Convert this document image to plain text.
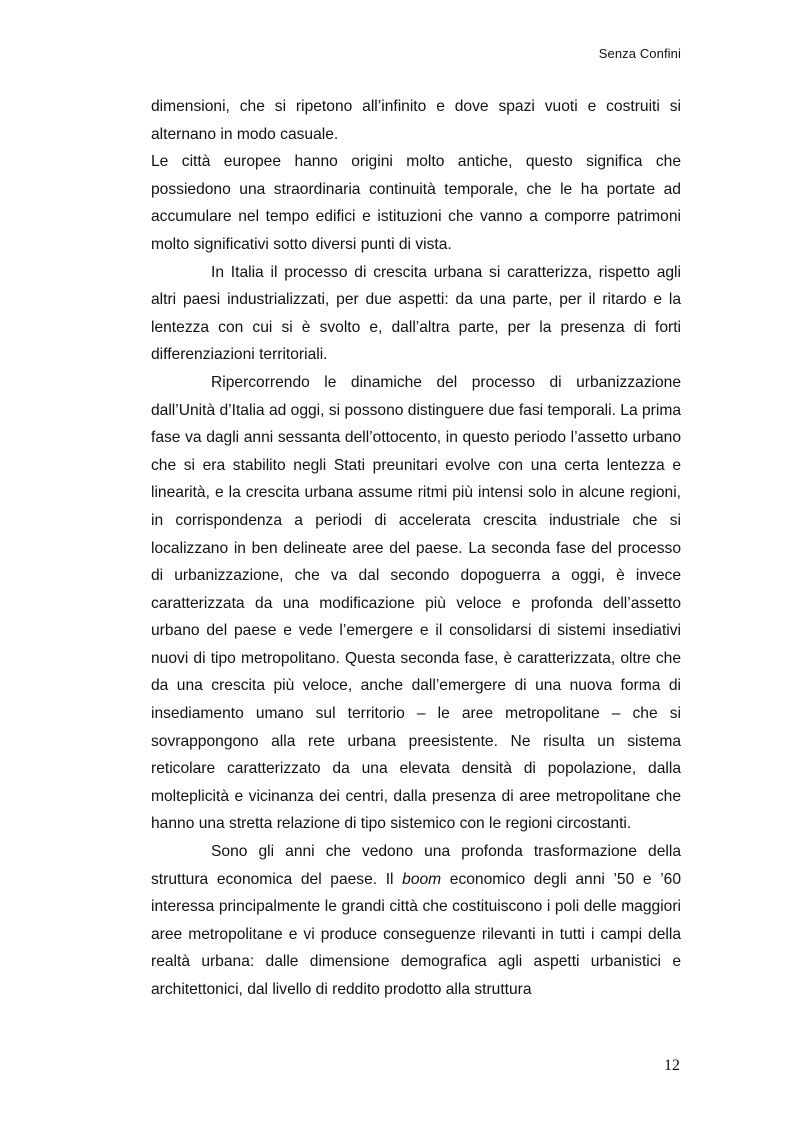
Senza Confini

dimensioni, che si ripetono all’infinito e dove spazi vuoti e costruiti si alternano in modo casuale.

Le città europee hanno origini molto antiche, questo significa che possiedono una straordinaria continuità temporale, che le ha portate ad accumulare nel tempo edifici e istituzioni che vanno a comporre patrimoni molto significativi sotto diversi punti di vista.

In Italia il processo di crescita urbana si caratterizza, rispetto agli altri paesi industrializzati, per due aspetti: da una parte, per il ritardo e la lentezza con cui si è svolto e, dall’altra parte, per la presenza di forti differenziazioni territoriali.

Ripercorrendo le dinamiche del processo di urbanizzazione dall’Unità d’Italia ad oggi, si possono distinguere due fasi temporali. La prima fase va dagli anni sessanta dell’ottocento, in questo periodo l’assetto urbano che si era stabilito negli Stati preunitari evolve con una certa lentezza e linearità, e la crescita urbana assume ritmi più intensi solo in alcune regioni, in corrispondenza a periodi di accelerata crescita industriale che si localizzano in ben delineate aree del paese. La seconda fase del processo di urbanizzazione, che va dal secondo dopoguerra a oggi, è invece caratterizzata da una modificazione più veloce e profonda dell’assetto urbano del paese e vede l’emergere e il consolidarsi di sistemi insediativi nuovi di tipo metropolitano. Questa seconda fase, è caratterizzata, oltre che da una crescita più veloce, anche dall’emergere di una nuova forma di insediamento umano sul territorio – le aree metropolitane – che si sovrappongono alla rete urbana preesistente. Ne risulta un sistema reticolare caratterizzato da una elevata densità di popolazione, dalla molteplicità e vicinanza dei centri, dalla presenza di aree metropolitane che hanno una stretta relazione di tipo sistemico con le regioni circostanti.

Sono gli anni che vedono una profonda trasformazione della struttura economica del paese. Il boom economico degli anni ’50 e ’60 interessa principalmente le grandi città che costituiscono i poli delle maggiori aree metropolitane e vi produce conseguenze rilevanti in tutti i campi della realtà urbana: dalle dimensione demografica agli aspetti urbanistici e architettonici, dal livello di reddito prodotto alla struttura

12
